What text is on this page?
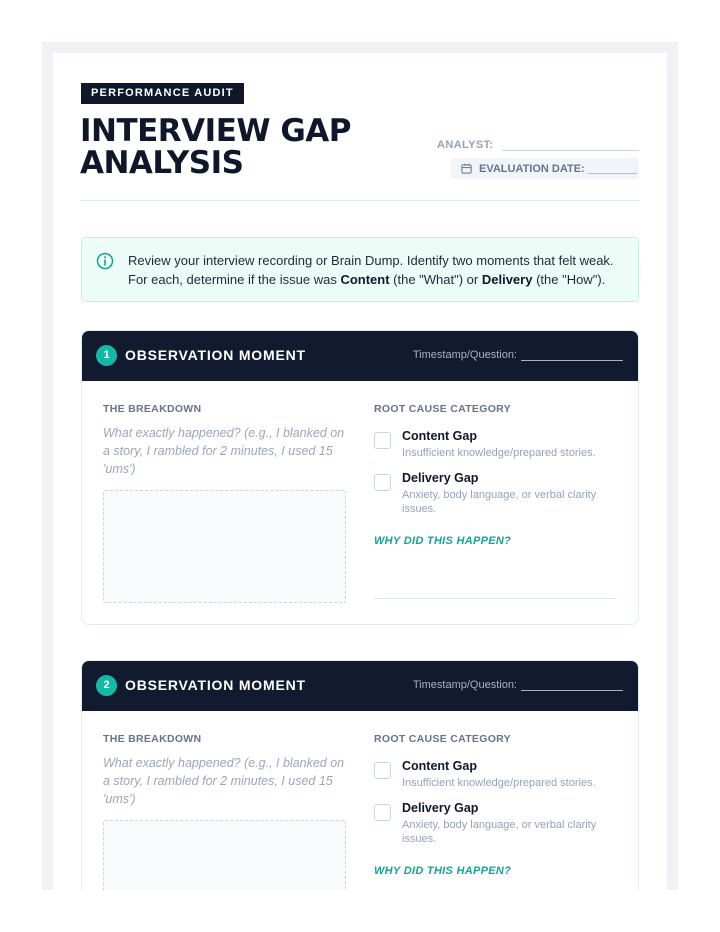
PERFORMANCE AUDIT
INTERVIEW GAP ANALYSIS	ANALYST:
EVALUATION DATE: ________
Review your interview recording or Brain Dump. Identify two moments that felt weak. For each, determine if the issue was Content (the "What") or Delivery (the "How").
1	OBSERVATION MOMENT	Timestamp/Question:
THE BREAKDOWN
What exactly happened? (e.g., I blanked on a story, I rambled for 2 minutes, I used 15 'ums')
ROOT CAUSE CATEGORY
Content Gap
Insufficient knowledge/prepared stories.
Delivery Gap
Anxiety, body language, or verbal clarity issues.
WHY DID THIS HAPPEN?
2	OBSERVATION MOMENT	Timestamp/Question:
THE BREAKDOWN
What exactly happened? (e.g., I blanked on a story, I rambled for 2 minutes, I used 15 'ums')
ROOT CAUSE CATEGORY
Content Gap
Insufficient knowledge/prepared stories.
Delivery Gap
Anxiety, body language, or verbal clarity issues.
WHY DID THIS HAPPEN?
